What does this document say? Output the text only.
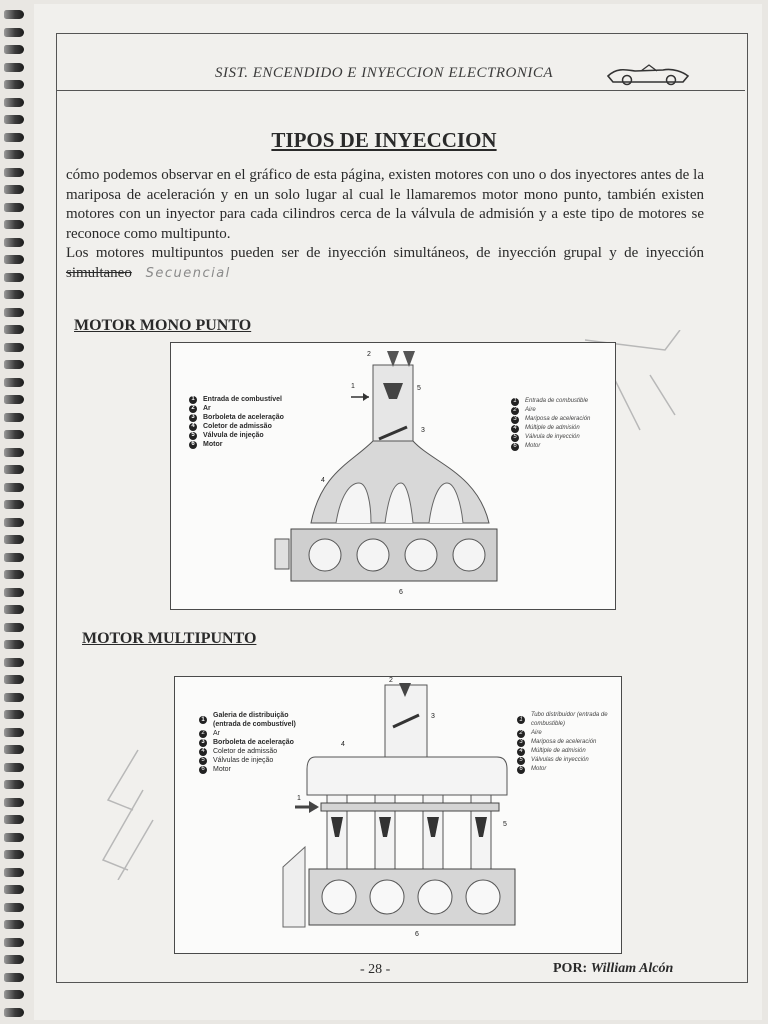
SIST. ENCENDIDO E INYECCION ELECTRONICA
TIPOS DE INYECCION

cómo podemos observar en el gráfico de esta página, existen motores con uno o dos inyectores antes de la mariposa de aceleración y en un solo lugar al cual le llamaremos motor mono punto, también existen motores con un inyector para cada cilindros cerca de la válvula de admisión y a este tipo de motores se reconoce como multipunto.

Los motores multipuntos pueden ser de inyección simultáneos, de inyección grupal y de inyección simultaneo Secuencial

MOTOR MONO PUNTO
1	Entrada de combustível
2	Ar
3	Borboleta de aceleração
4	Coletor de admissão
5	Válvula de injeção
6	Motor
1	Entrada de combustible
2	Aire
3	Mariposa de aceleración
4	Múltiple de admisión
5	Válvula de inyección
6	Motor
1
2
3
4
5
6
MOTOR MULTIPUNTO
1
Galeria de distribuição (entrada de combustível)
2	Ar
3	Borboleta de aceleração
4	Coletor de admissão
5	Válvulas de injeção
6	Motor
1
Tubo distribuidor (entrada de combustible)
2	Aire
3	Mariposa de aceleración
4	Múltiple de admisión
5	Válvulas de inyección
6	Motor
1
2
3
4
5
6
- 28 -	POR: William Alcón
